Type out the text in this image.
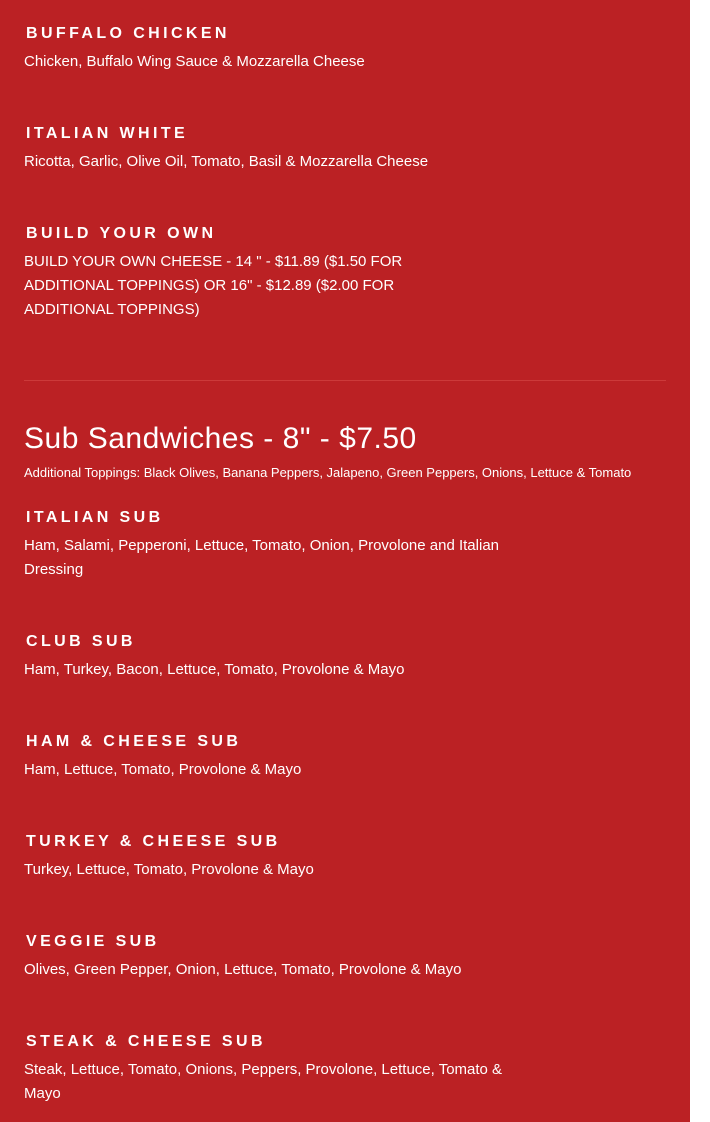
BUFFALO CHICKEN
Chicken, Buffalo Wing Sauce & Mozzarella Cheese
ITALIAN WHITE
Ricotta, Garlic, Olive Oil, Tomato, Basil & Mozzarella Cheese
BUILD YOUR OWN
BUILD YOUR OWN CHEESE - 14 " - $11.89 ($1.50 FOR ADDITIONAL TOPPINGS) OR 16" - $12.89 ($2.00 FOR ADDITIONAL TOPPINGS)
Sub Sandwiches - 8" - $7.50
Additional Toppings: Black Olives, Banana Peppers, Jalapeno, Green Peppers, Onions, Lettuce & Tomato
ITALIAN SUB
Ham, Salami, Pepperoni, Lettuce, Tomato, Onion, Provolone and Italian Dressing
CLUB SUB
Ham, Turkey, Bacon, Lettuce, Tomato, Provolone & Mayo
HAM & CHEESE SUB
Ham, Lettuce, Tomato, Provolone & Mayo
TURKEY & CHEESE SUB
Turkey, Lettuce, Tomato, Provolone & Mayo
VEGGIE SUB
Olives, Green Pepper, Onion, Lettuce, Tomato, Provolone & Mayo
STEAK & CHEESE SUB
Steak, Lettuce, Tomato, Onions, Peppers, Provolone, Lettuce, Tomato & Mayo
